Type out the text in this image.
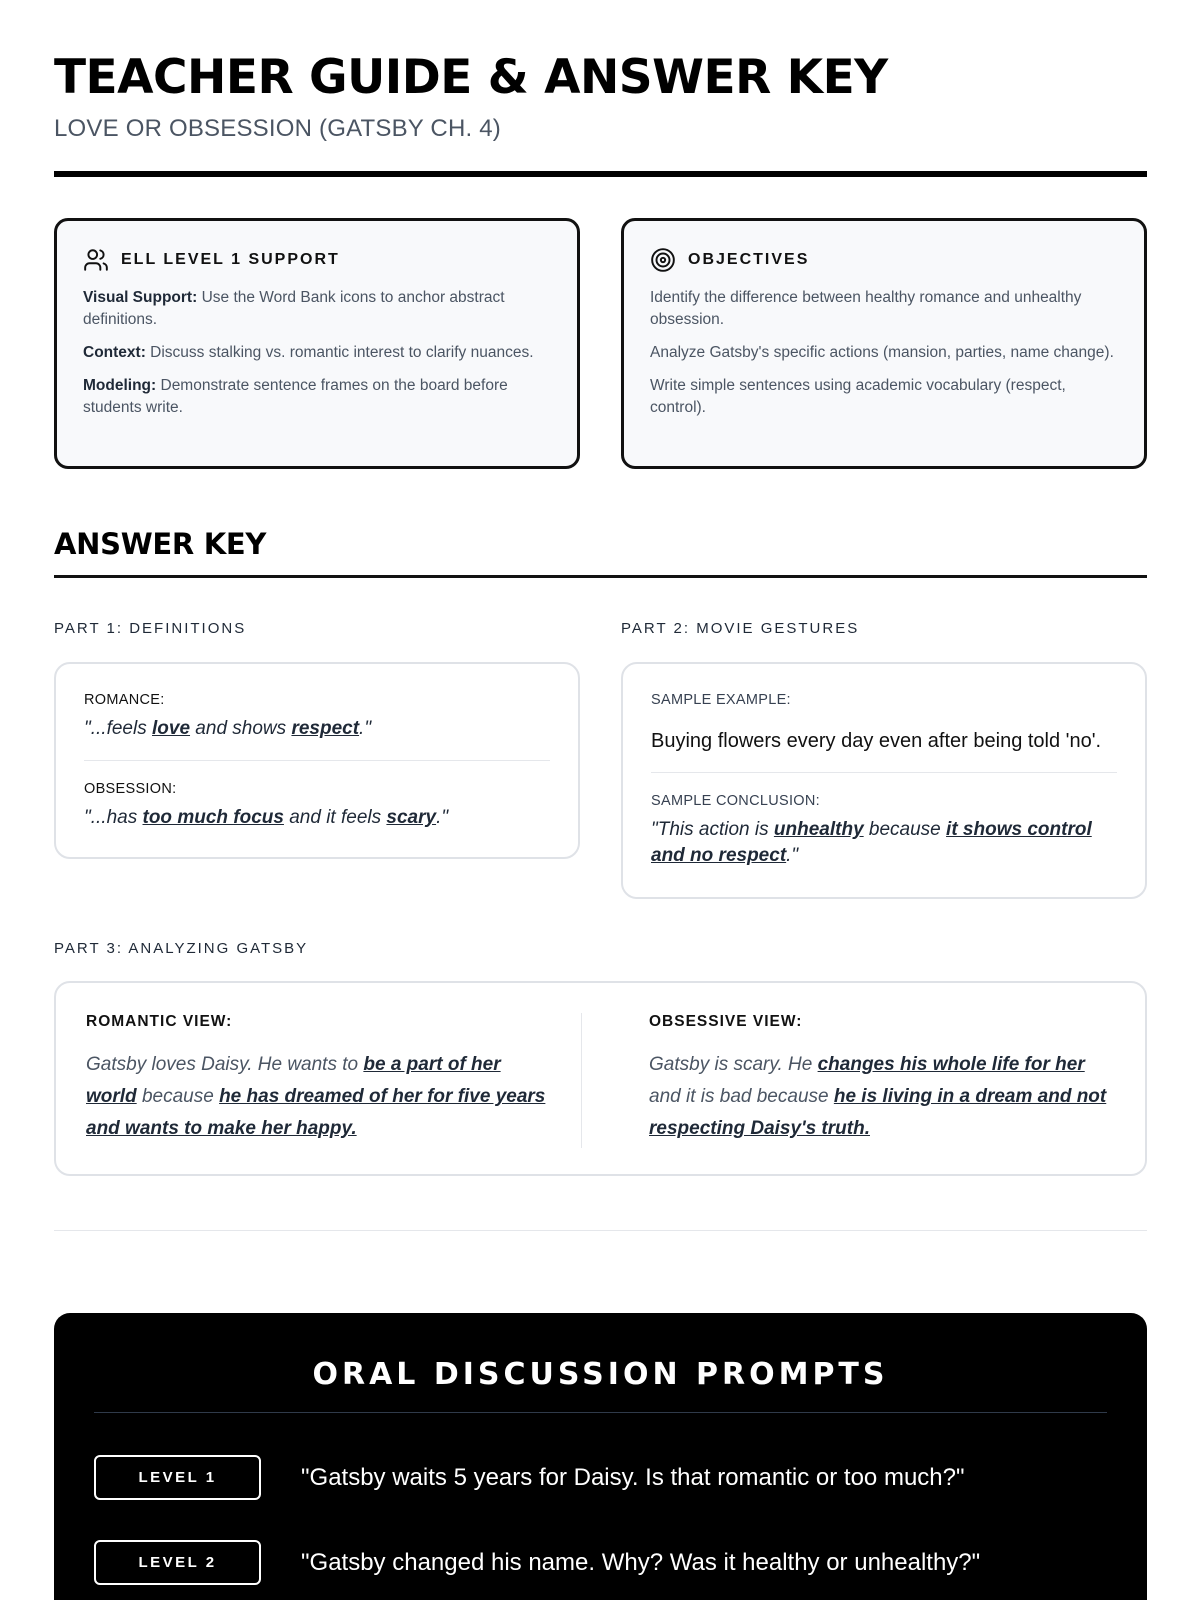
TEACHER GUIDE & ANSWER KEY
LOVE OR OBSESSION (GATSBY CH. 4)
ELL LEVEL 1 SUPPORT

Visual Support: Use the Word Bank icons to anchor abstract definitions.

Context: Discuss stalking vs. romantic interest to clarify nuances.

Modeling: Demonstrate sentence frames on the board before students write.

OBJECTIVES

Identify the difference between healthy romance and unhealthy obsession.

Analyze Gatsby's specific actions (mansion, parties, name change).

Write simple sentences using academic vocabulary (respect, control).

ANSWER KEY
PART 1: DEFINITIONS	PART 2: MOVIE GESTURES
ROMANCE:
"...feels love and shows respect."
OBSESSION:
"...has too much focus and it feels scary."
SAMPLE EXAMPLE:
Buying flowers every day even after being told 'no'.
SAMPLE CONCLUSION:
"This action is unhealthy because it shows control and no respect."
PART 3: ANALYZING GATSBY
ROMANTIC VIEW:
Gatsby loves Daisy. He wants to be a part of her world because he has dreamed of her for five years and wants to make her happy.
OBSESSIVE VIEW:
Gatsby is scary. He changes his whole life for her and it is bad because he is living in a dream and not respecting Daisy's truth.
ORAL DISCUSSION PROMPTS
LEVEL 1	"Gatsby waits 5 years for Daisy. Is that romantic or too much?"
LEVEL 2	"Gatsby changed his name. Why? Was it healthy or unhealthy?"
